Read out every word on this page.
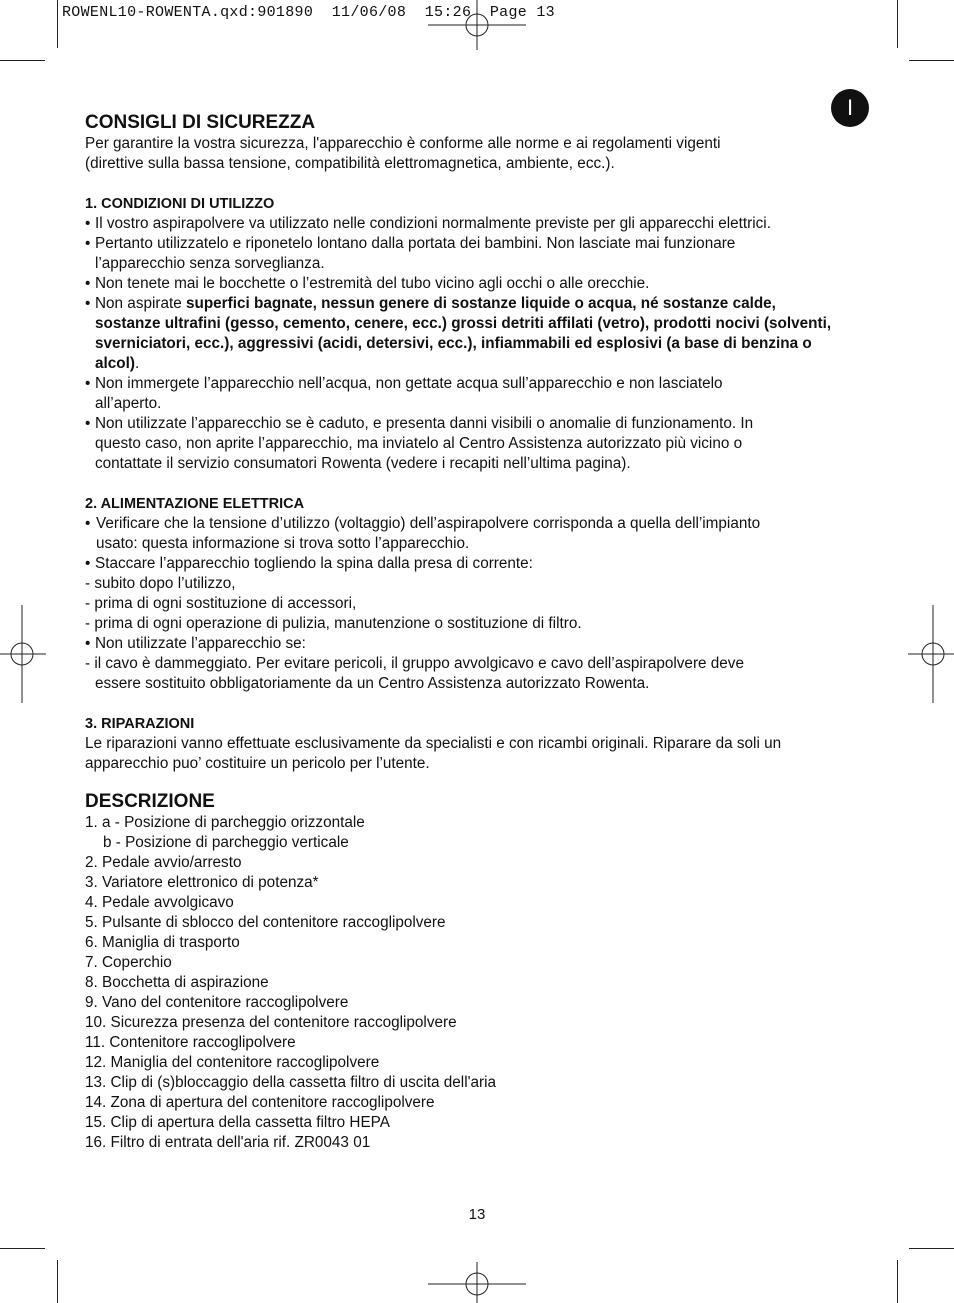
ROWENL10-ROWENTA.qxd:901890  11/06/08  15:26  Page 13
I
CONSIGLI DI SICUREZZA

Per garantire la vostra sicurezza, l'apparecchio è conforme alle norme e ai regolamenti vigenti

(direttive sulla bassa tensione, compatibilità elettromagnetica, ambiente, ecc.).

1. CONDIZIONI DI UTILIZZO
• Il vostro aspirapolvere va utilizzato nelle condizioni normalmente previste per gli apparecchi elettrici.
• Pertanto utilizzatelo e riponetelo lontano dalla portata dei bambini. Non lasciate mai funzionare
l’apparecchio senza sorveglianza.
• Non tenete mai le bocchette o l’estremità del tubo vicino agli occhi o alle orecchie.
• Non aspirate superfici bagnate, nessun genere di sostanze liquide o acqua, né sostanze calde,
sostanze ultrafini (gesso, cemento, cenere, ecc.) grossi detriti affilati (vetro), prodotti nocivi (solventi,
sverniciatori, ecc.), aggressivi (acidi, detersivi, ecc.), infiammabili ed esplosivi (a base di benzina o
alcol).
• Non immergete l’apparecchio nell’acqua, non gettate acqua sull’apparecchio e non lasciatelo
all’aperto.
• Non utilizzate l’apparecchio se è caduto, e presenta danni visibili o anomalie di funzionamento. In
questo caso, non aprite l’apparecchio, ma inviatelo al Centro Assistenza autorizzato più vicino o
contattate il servizio consumatori Rowenta (vedere i recapiti nell’ultima pagina).
2. ALIMENTAZIONE ELETTRICA
• Verificare che la tensione d’utilizzo (voltaggio) dell’aspirapolvere corrisponda a quella dell’impianto
usato: questa informazione si trova sotto l’apparecchio.
• Staccare l’apparecchio togliendo la spina dalla presa di corrente:

- subito dopo l’utilizzo,

- prima di ogni sostituzione di accessori,

- prima di ogni operazione di pulizia, manutenzione o sostituzione di filtro.

• Non utilizzate l’apparecchio se:

- il cavo è dammeggiato. Per evitare pericoli, il gruppo avvolgicavo e cavo dell’aspirapolvere deve

essere sostituito obbligatoriamente da un Centro Assistenza autorizzato Rowenta.

3. RIPARAZIONI

Le riparazioni vanno effettuate esclusivamente da specialisti e con ricambi originali. Riparare da soli un

apparecchio puo’ costituire un pericolo per l’utente.

DESCRIZIONE

1. a - Posizione di parcheggio orizzontale

b - Posizione di parcheggio verticale

2. Pedale avvio/arresto

3. Variatore elettronico di potenza*

4. Pedale avvolgicavo

5. Pulsante di sblocco del contenitore raccoglipolvere

6. Maniglia di trasporto

7. Coperchio

8. Bocchetta di aspirazione

9. Vano del contenitore raccoglipolvere

10. Sicurezza presenza del contenitore raccoglipolvere

11. Contenitore raccoglipolvere

12. Maniglia del contenitore raccoglipolvere

13. Clip di (s)bloccaggio della cassetta filtro di uscita dell'aria

14. Zona di apertura del contenitore raccoglipolvere

15. Clip di apertura della cassetta filtro HEPA

16. Filtro di entrata dell'aria rif. ZR0043 01

13
